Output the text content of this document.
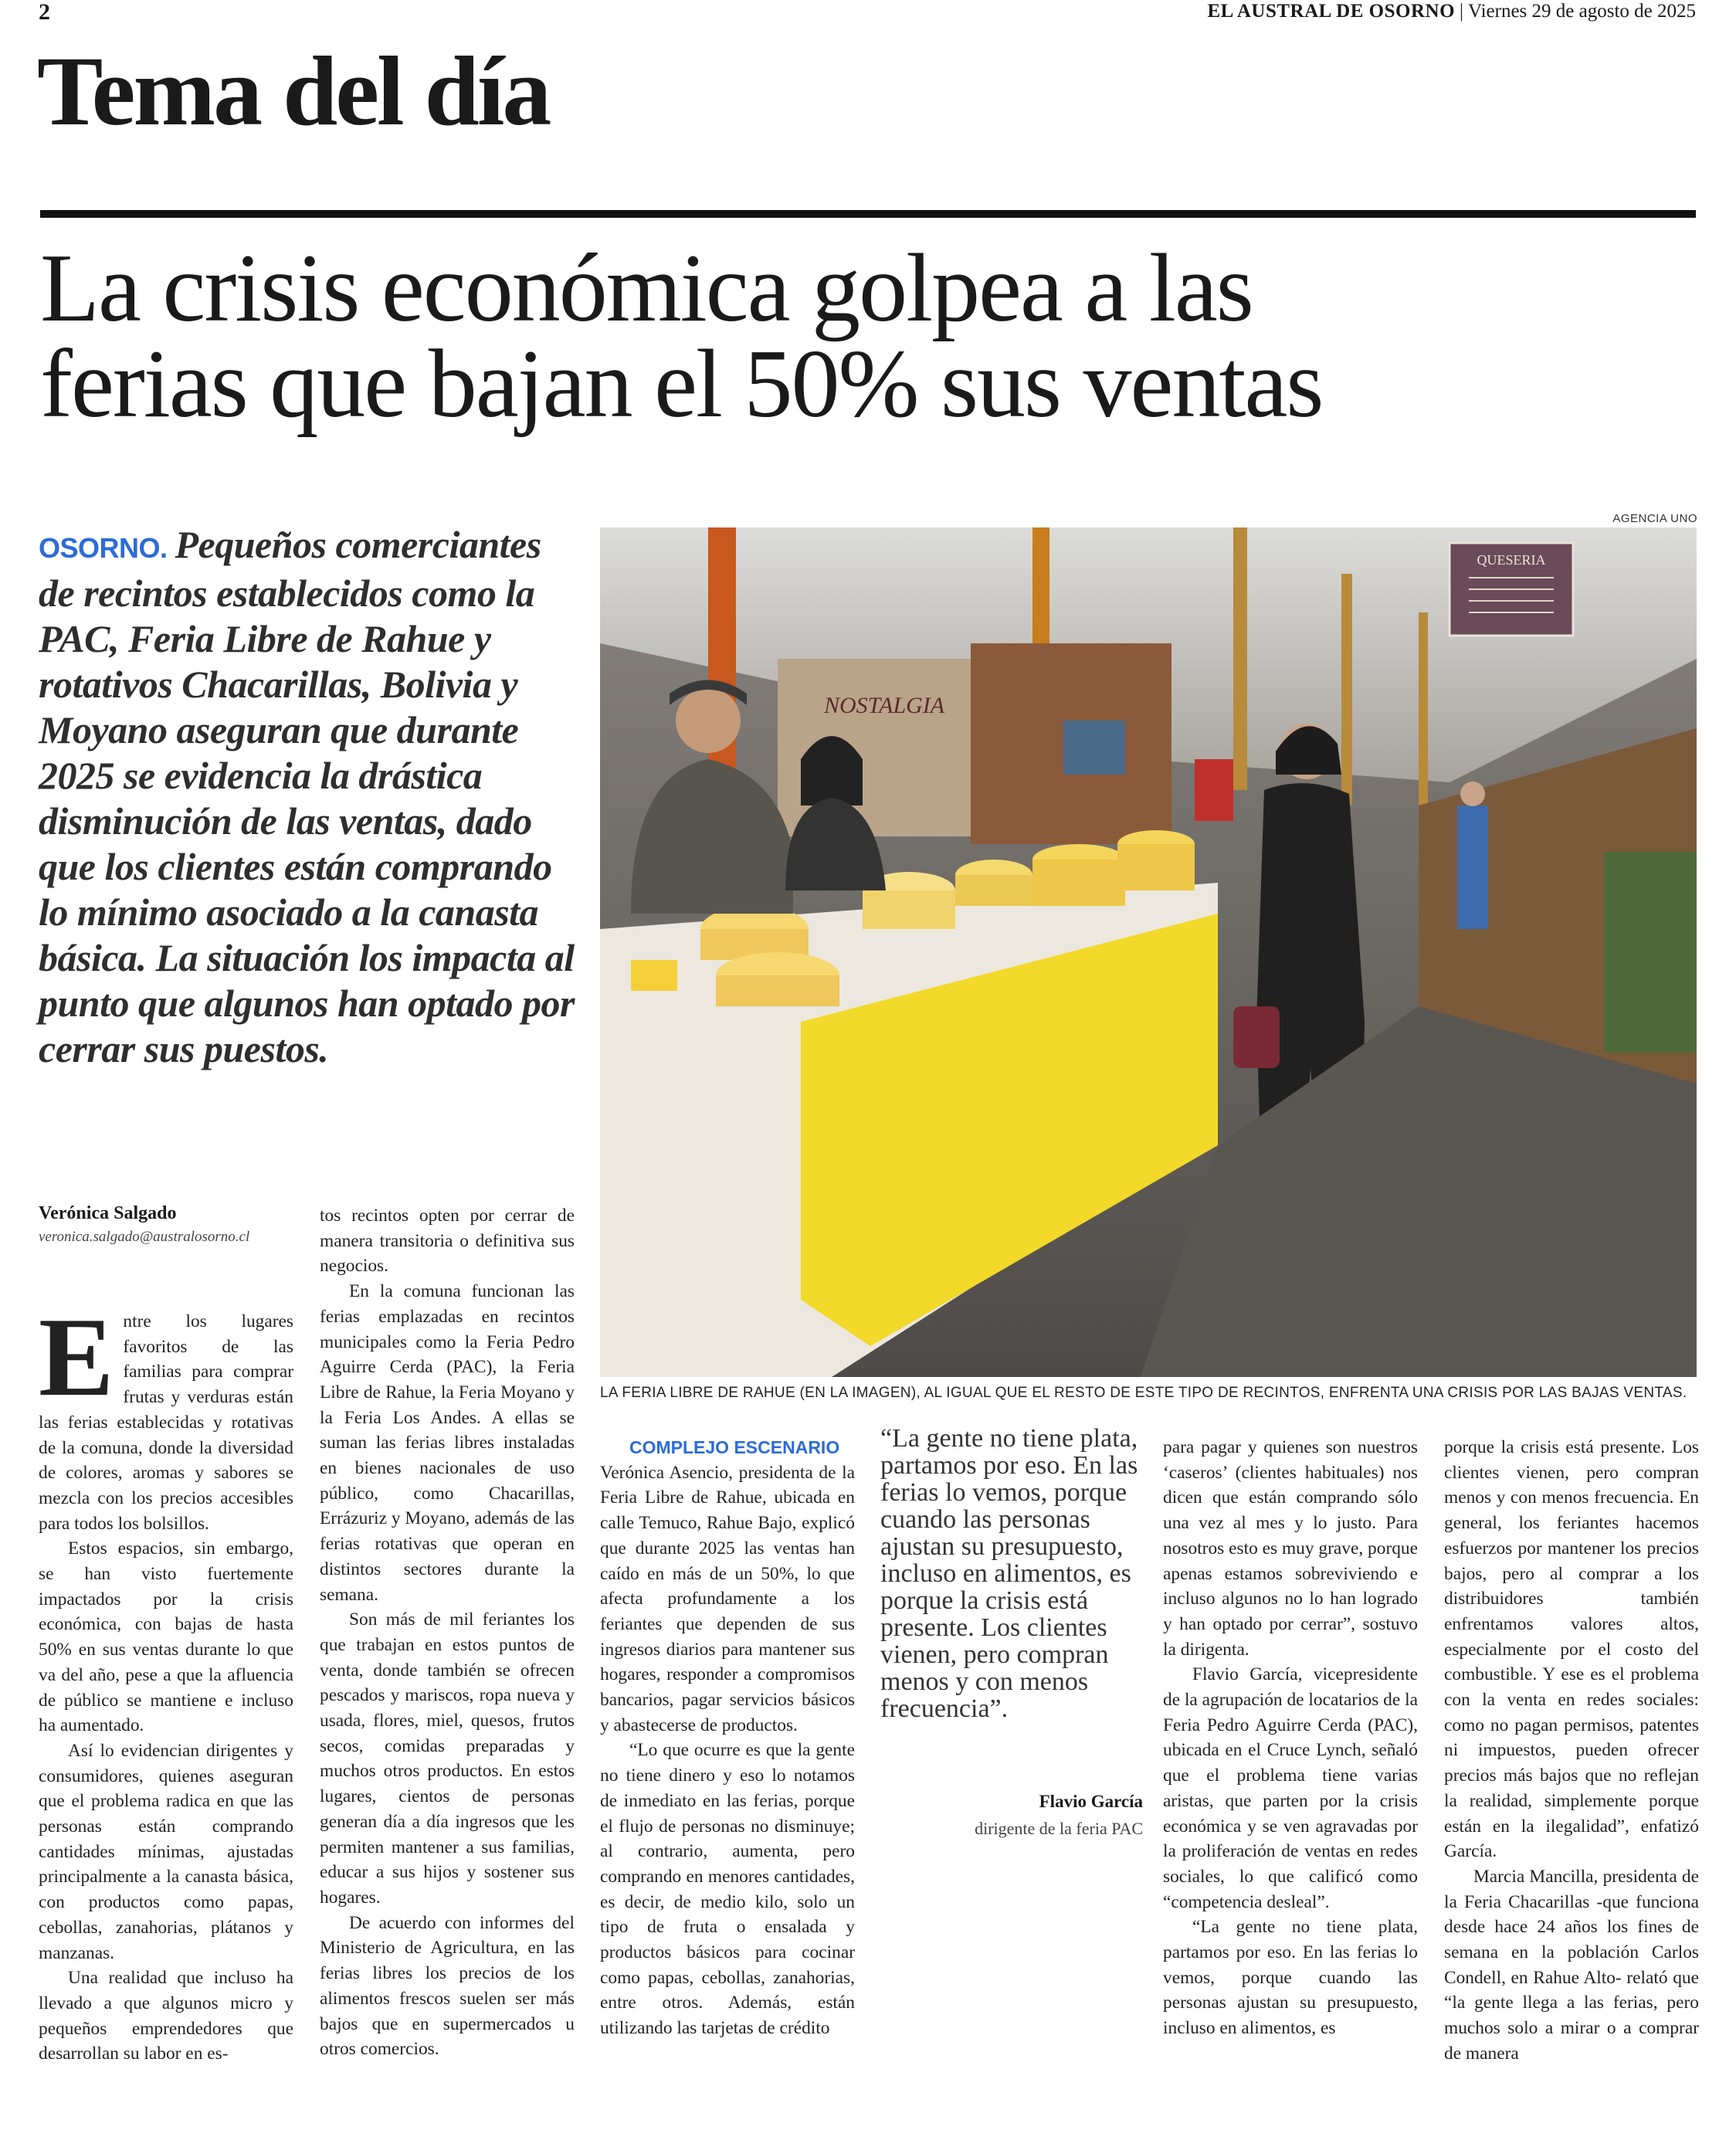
2	EL AUSTRAL DE OSORNO | Viernes 29 de agosto de 2025
Tema del día
La crisis económica golpea a las
ferias que bajan el 50% sus ventas
OSORNO. Pequeños comerciantes de recintos establecidos como la PAC, Feria Libre de Rahue y rotativos Chacarillas, Bolivia y Moyano aseguran que durante 2025 se evidencia la drástica disminución de las ventas, dado que los clientes están comprando lo mínimo asociado a la canasta básica. La situación los impacta al punto que algunos han optado por cerrar sus puestos.
AGENCIA UNO
QUESERIA
NOSTALGIA
LA FERIA LIBRE DE RAHUE (EN LA IMAGEN), AL IGUAL QUE EL RESTO DE ESTE TIPO DE RECINTOS, ENFRENTA UNA CRISIS POR LAS BAJAS VENTAS.
Verónica Salgado
veronica.salgado@australosorno.cl

Entre los lugares favoritos de las familias para comprar frutas y verduras están las ferias establecidas y rotativas de la comuna, donde la diversidad de colores, aromas y sabores se mezcla con los precios accesibles para todos los bolsillos.

Estos espacios, sin embargo, se han visto fuertemente impactados por la crisis económica, con bajas de hasta 50% en sus ventas durante lo que va del año, pese a que la afluencia de público se mantiene e incluso ha aumentado.

Así lo evidencian dirigentes y consumidores, quienes aseguran que el problema radica en que las personas están comprando cantidades mínimas, ajustadas principalmente a la canasta básica, con productos como papas, cebollas, zanahorias, plátanos y manzanas.

Una realidad que incluso ha llevado a que algunos micro y pequeños emprendedores que desarrollan su labor en es-

tos recintos opten por cerrar de manera transitoria o definitiva sus negocios.

En la comuna funcionan las ferias emplazadas en recintos municipales como la Feria Pedro Aguirre Cerda (PAC), la Feria Libre de Rahue, la Feria Moyano y la Feria Los Andes. A ellas se suman las ferias libres instaladas en bienes nacionales de uso público, como Chacarillas, Errázuriz y Moyano, además de las ferias rotativas que operan en distintos sectores durante la semana.

Son más de mil feriantes los que trabajan en estos puntos de venta, donde también se ofrecen pescados y mariscos, ropa nueva y usada, flores, miel, quesos, frutos secos, comidas preparadas y muchos otros productos. En estos lugares, cientos de personas generan día a día ingresos que les permiten mantener a sus familias, educar a sus hijos y sostener sus hogares.

De acuerdo con informes del Ministerio de Agricultura, en las ferias libres los precios de los alimentos frescos suelen ser más bajos que en supermercados u otros comercios.

COMPLEJO ESCENARIO

Verónica Asencio, presidenta de la Feria Libre de Rahue, ubicada en calle Temuco, Rahue Bajo, explicó que durante 2025 las ventas han caído en más de un 50%, lo que afecta profundamente a los feriantes que dependen de sus ingresos diarios para mantener sus hogares, responder a compromisos bancarios, pagar servicios básicos y abastecerse de productos.

“Lo que ocurre es que la gente no tiene dinero y eso lo notamos de inmediato en las ferias, porque el flujo de personas no disminuye; al contrario, aumenta, pero comprando en menores cantidades, es decir, de medio kilo, solo un tipo de fruta o ensalada y productos básicos para cocinar como papas, cebollas, zanahorias, entre otros. Además, están utilizando las tarjetas de crédito

“La gente no tiene plata, partamos por eso. En las ferias lo vemos, porque cuando las personas ajustan su presupuesto, incluso en alimentos, es porque la crisis está presente. Los clientes vienen, pero compran menos y con menos frecuencia”.
Flavio García
dirigente de la feria PAC

para pagar y quienes son nuestros ‘caseros’ (clientes habituales) nos dicen que están comprando sólo una vez al mes y lo justo. Para nosotros esto es muy grave, porque apenas estamos sobreviviendo e incluso algunos no lo han logrado y han optado por cerrar”, sostuvo la dirigenta.

Flavio García, vicepresidente de la agrupación de locatarios de la Feria Pedro Aguirre Cerda (PAC), ubicada en el Cruce Lynch, señaló que el problema tiene varias aristas, que parten por la crisis económica y se ven agravadas por la proliferación de ventas en redes sociales, lo que calificó como “competencia desleal”.

“La gente no tiene plata, partamos por eso. En las ferias lo vemos, porque cuando las personas ajustan su presupuesto, incluso en alimentos, es

porque la crisis está presente. Los clientes vienen, pero compran menos y con menos frecuencia. En general, los feriantes hacemos esfuerzos por mantener los precios bajos, pero al comprar a los distribuidores también enfrentamos valores altos, especialmente por el costo del combustible. Y ese es el problema con la venta en redes sociales: como no pagan permisos, patentes ni impuestos, pueden ofrecer precios más bajos que no reflejan la realidad, simplemente porque están en la ilegalidad”, enfatizó García.

Marcia Mancilla, presidenta de la Feria Chacarillas -que funciona desde hace 24 años los fines de semana en la población Carlos Condell, en Rahue Alto- relató que “la gente llega a las ferias, pero muchos solo a mirar o a comprar de manera
